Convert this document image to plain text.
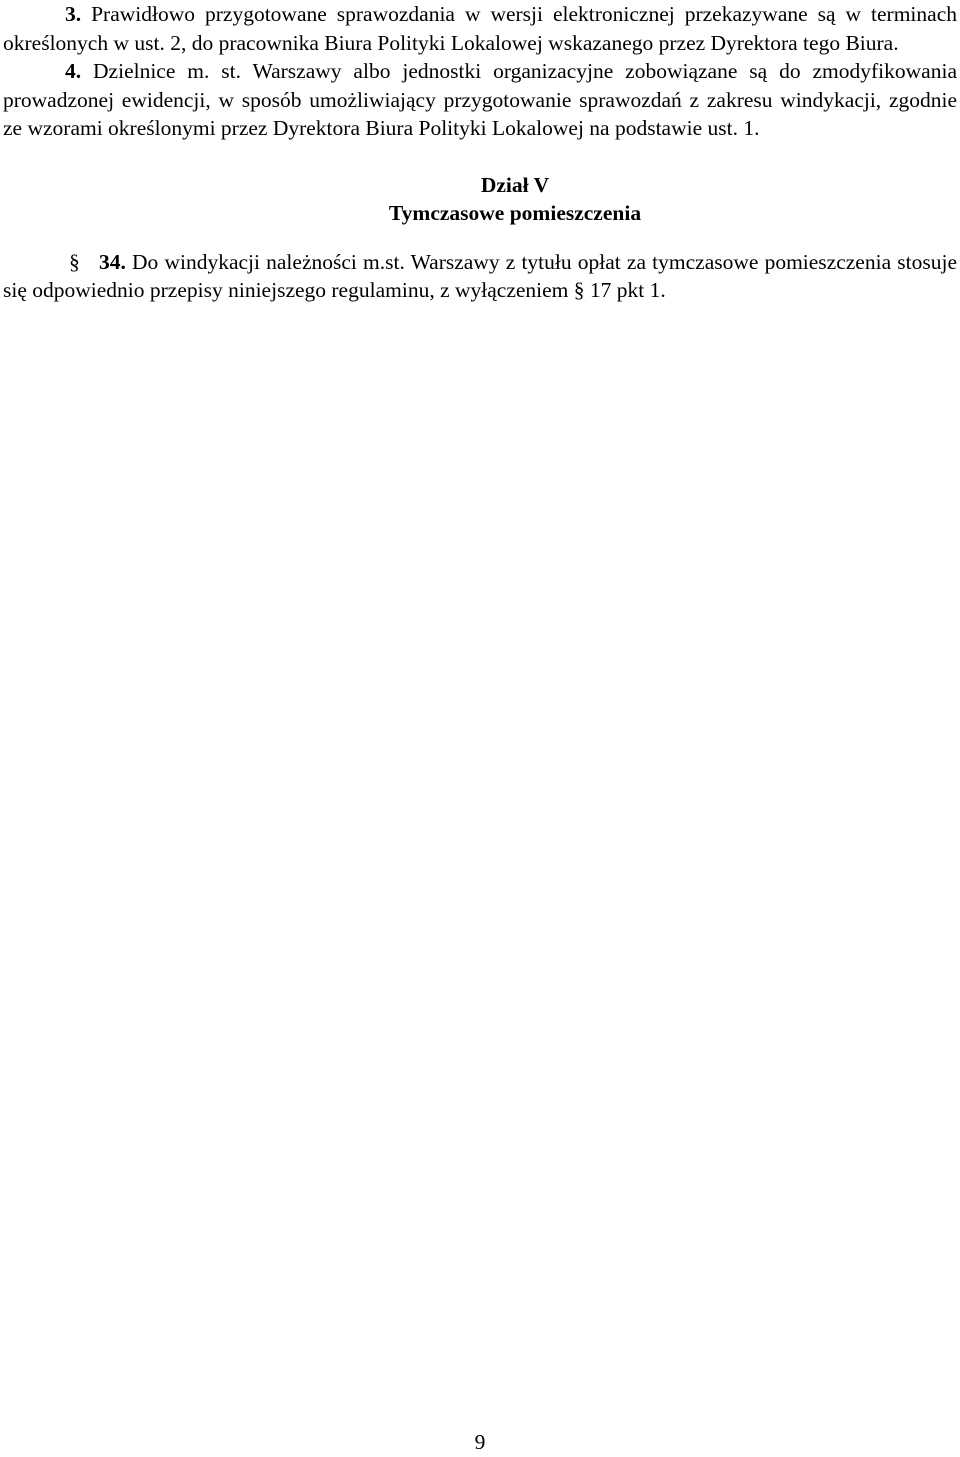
3. Prawidłowo przygotowane sprawozdania w wersji elektronicznej przekazywane są w terminach określonych w ust. 2, do pracownika Biura Polityki Lokalowej wskazanego przez Dyrektora tego Biura.

4. Dzielnice m. st. Warszawy albo jednostki organizacyjne zobowiązane są do zmodyfikowania prowadzonej ewidencji, w sposób umożliwiający przygotowanie sprawozdań z zakresu windykacji, zgodnie ze wzorami określonymi przez Dyrektora Biura Polityki Lokalowej na podstawie ust. 1.

Dział V
Tymczasowe pomieszczenia

§ 34. Do windykacji należności m.st. Warszawy z tytułu opłat za tymczasowe pomieszczenia stosuje się odpowiednio przepisy niniejszego regulaminu, z wyłączeniem § 17 pkt 1.

9
